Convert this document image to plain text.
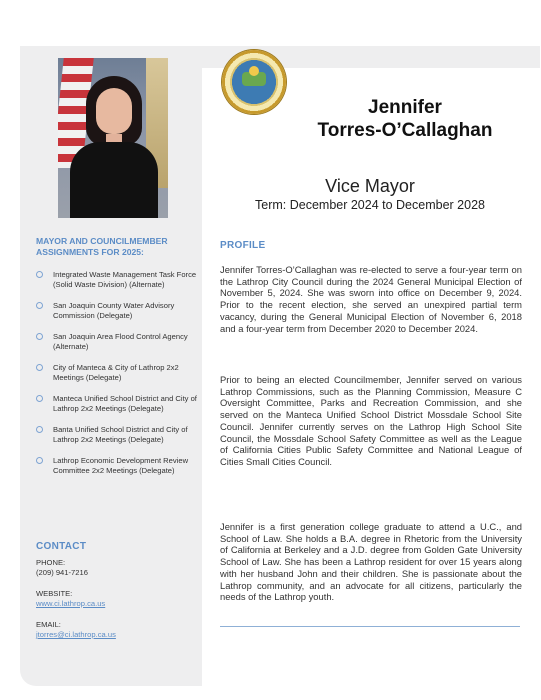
Jennifer
Torres-O’Callaghan
Vice Mayor
Term: December 2024 to December 2028
MAYOR AND COUNCILMEMBER ASSIGNMENTS FOR 2025:
Integrated Waste Management Task Force (Solid Waste Division) (Alternate)
San Joaquin County Water Advisory Commission (Delegate)
San Joaquin Area Flood Control Agency (Alternate)
City of Manteca & City of Lathrop 2x2 Meetings (Delegate)
Manteca Unified School District and City of Lathrop 2x2 Meetings (Delegate)
Banta Unified School District and City of Lathrop 2x2 Meetings (Delegate)
Lathrop Economic Development Review Committee 2x2 Meetings (Delegate)
CONTACT
PHONE:
(209) 941-7216
WEBSITE:
www.ci.lathrop.ca.us
EMAIL:
jtorres@ci.lathrop.ca.us
PROFILE

Jennifer Torres-O’Callaghan was re-elected to serve a four-year term on the Lathrop City Council during the 2024 General Municipal Election of November 5, 2024. She was sworn into office on December 9, 2024. Prior to the recent election, she served an unexpired partial term vacancy, during the General Municipal Election of November 6, 2018 and a four-year term from December 2020 to December 2024.

Prior to being an elected Councilmember, Jennifer served on various Lathrop Commissions, such as the Planning Commission, Measure C Oversight Committee, Parks and Recreation Commission, and she served on the Manteca Unified School District Mossdale School Site Council. Jennifer currently serves on the Lathrop High School Site Council, the Mossdale School Safety Committee as well as the League of California Cities Public Safety Committee and National League of Cities Small Cities Council.

Jennifer is a first generation college graduate to attend a U.C., and School of Law. She holds a B.A. degree in Rhetoric from the University of California at Berkeley and a J.D. degree from Golden Gate University School of Law. She has been a Lathrop resident for over 15 years along with her husband John and their children. She is passionate about the Lathrop community, and an advocate for all citizens, particularly the needs of the Lathrop youth.
